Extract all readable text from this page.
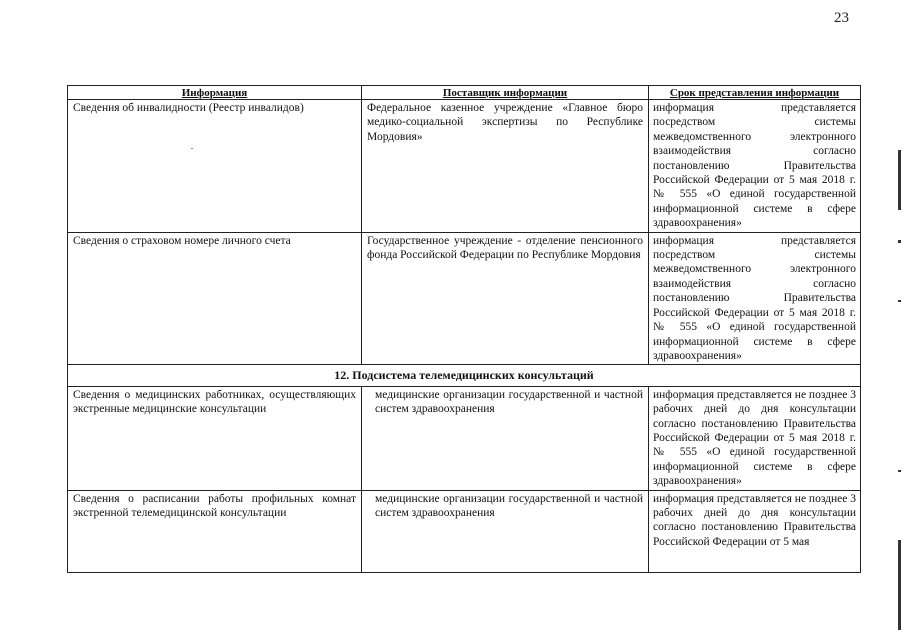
23
Информация	Поставщик информации	Срок представления информации
Сведения об инвалидности (Реестр инвалидов)	Федеральное казенное учреждение «Главное бюро медико-социальной экспертизы по Республике Мордовия»	информация представляется посредством системы межведомственного электронного взаимодействия согласно постановлению Правительства Российской Федерации от 5 мая 2018 г. № 555 «О единой государственной информационной системе в сфере здравоохранения»
Сведения о страховом номере личного счета	Государственное учреждение - отделение пенсионного фонда Российской Федерации по Республике Мордовия	информация представляется посредством системы межведомственного электронного взаимодействия согласно постановлению Правительства Российской Федерации от 5 мая 2018 г. № 555 «О единой государственной информационной системе в сфере здравоохранения»
12. Подсистема телемедицинских консультаций		
Сведения о медицинских работниках, осуществляющих экстренные медицинские консультации	медицинские организации государственной и частной систем здравоохранения	информация представляется не позднее 3 рабочих дней до дня консультации согласно постановлению Правительства Российской Федерации от 5 мая 2018 г. № 555 «О единой государственной информационной системе в сфере здравоохранения»

Сведения о расписании работы профильных комнат экстренной телемедицинской консультации	медицинские организации государственной и частной систем здравоохранения	информация представляется не позднее 3 рабочих дней до дня консультации согласно постановлению Правительства Российской Федерации от 5 мая
